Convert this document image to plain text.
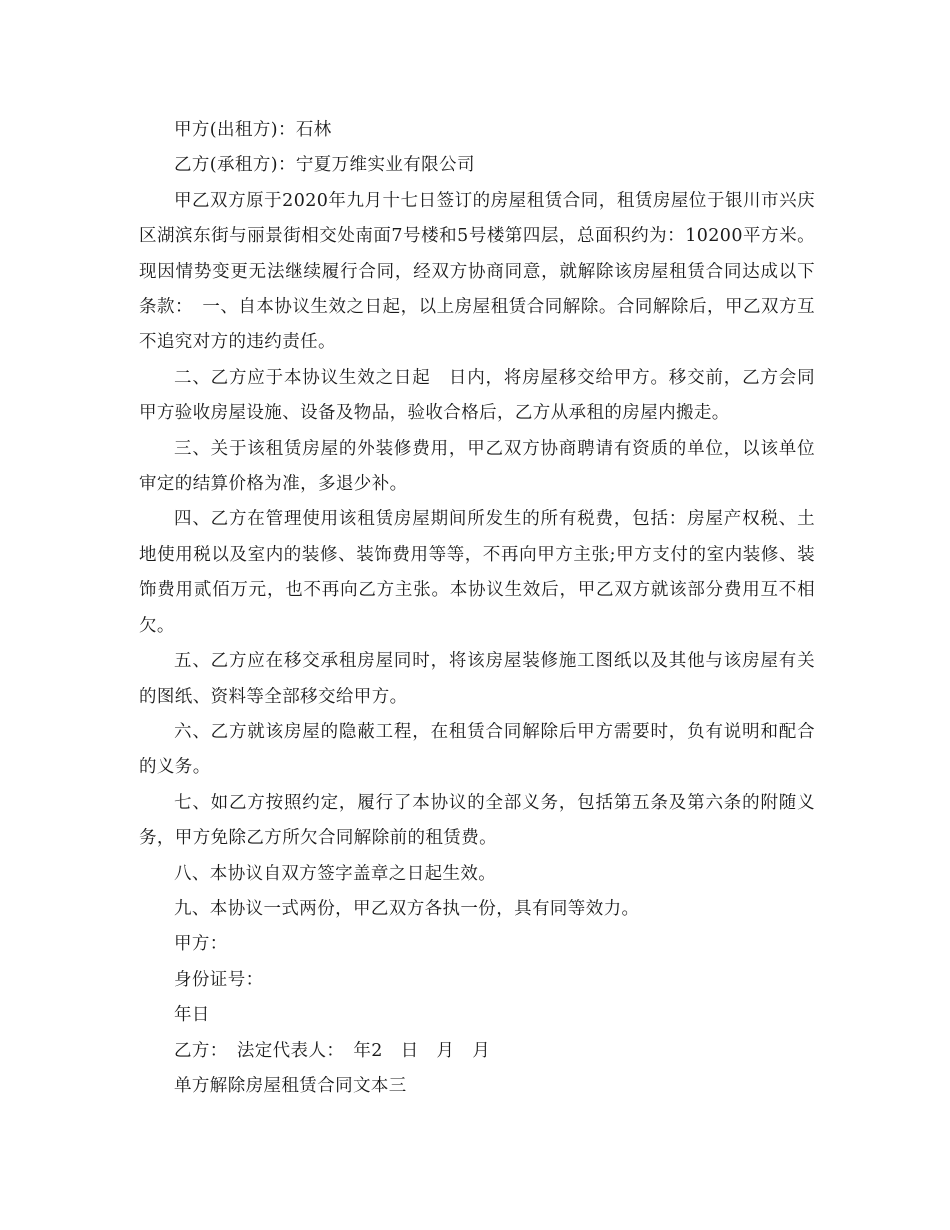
甲方(出租方)：石林

乙方(承租方)：宁夏万维实业有限公司

甲乙双方原于2020年九月十七日签订的房屋租赁合同，租赁房屋位于银川市兴庆区湖滨东街与丽景街相交处南面7号楼和5号楼第四层，总面积约为：10200平方米。现因情势变更无法继续履行合同，经双方协商同意，就解除该房屋租赁合同达成以下条款：　一、自本协议生效之日起，以上房屋租赁合同解除。合同解除后，甲乙双方互不追究对方的违约责任。

二、乙方应于本协议生效之日起　日内，将房屋移交给甲方。移交前，乙方会同甲方验收房屋设施、设备及物品，验收合格后，乙方从承租的房屋内搬走。

三、关于该租赁房屋的外装修费用，甲乙双方协商聘请有资质的单位，以该单位审定的结算价格为准，多退少补。

四、乙方在管理使用该租赁房屋期间所发生的所有税费，包括：房屋产权税、土地使用税以及室内的装修、装饰费用等等，不再向甲方主张;甲方支付的室内装修、装饰费用贰佰万元，也不再向乙方主张。本协议生效后，甲乙双方就该部分费用互不相欠。

五、乙方应在移交承租房屋同时，将该房屋装修施工图纸以及其他与该房屋有关的图纸、资料等全部移交给甲方。

六、乙方就该房屋的隐蔽工程，在租赁合同解除后甲方需要时，负有说明和配合的义务。

七、如乙方按照约定，履行了本协议的全部义务，包括第五条及第六条的附随义务，甲方免除乙方所欠合同解除前的租赁费。

八、本协议自双方签字盖章之日起生效。

九、本协议一式两份，甲乙双方各执一份，具有同等效力。

甲方：

身份证号：

年日

乙方：　法定代表人：　年2　日　月　月

单方解除房屋租赁合同文本三
